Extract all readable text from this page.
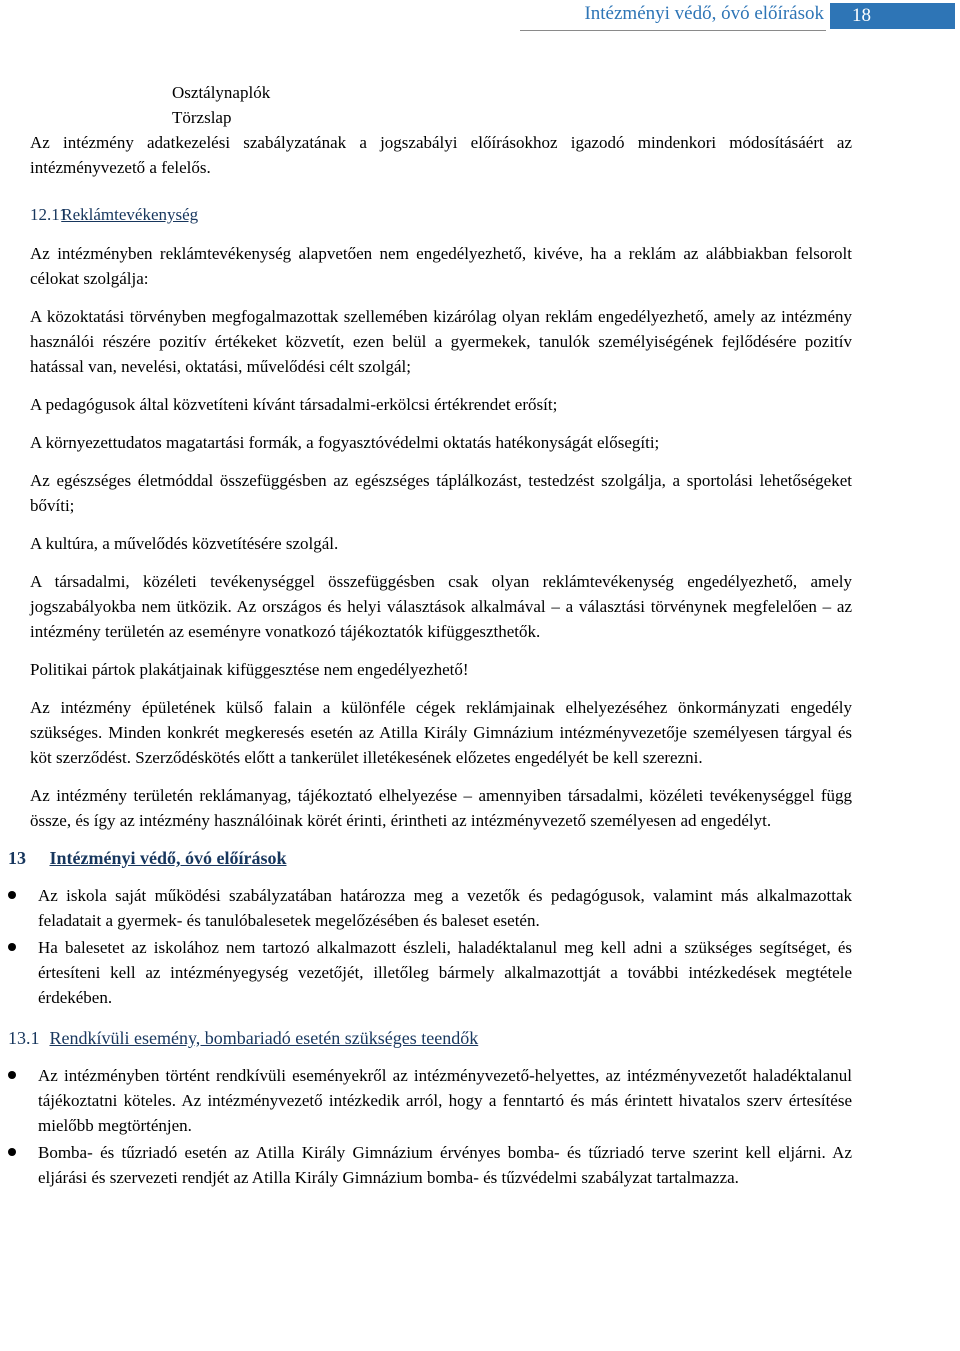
Intézményi védő, óvó előírások	18

Osztálynaplók

Törzslap

Az intézmény adatkezelési szabályzatának a jogszabályi előírásokhoz igazodó mindenkori módosításáért az intézményvezető a felelős.

12.11 Reklámtevékenység

Az intézményben reklámtevékenység alapvetően nem engedélyezhető, kivéve, ha a reklám az alábbiakban felsorolt célokat szolgálja:

A közoktatási törvényben megfogalmazottak szellemében kizárólag olyan reklám engedélyezhető, amely az intézmény használói részére pozitív értékeket közvetít, ezen belül a gyermekek, tanulók személyiségének fejlődésére pozitív hatással van, nevelési, oktatási, művelődési célt szolgál;

A pedagógusok által közvetíteni kívánt társadalmi-erkölcsi értékrendet erősít;

A környezettudatos magatartási formák, a fogyasztóvédelmi oktatás hatékonyságát elősegíti;

Az egészséges életmóddal összefüggésben az egészséges táplálkozást, testedzést szolgálja, a sportolási lehetőségeket bővíti;

A kultúra, a művelődés közvetítésére szolgál.

A társadalmi, közéleti tevékenységgel összefüggésben csak olyan reklámtevékenység engedélyezhető, amely jogszabályokba nem ütközik. Az országos és helyi választások alkalmával – a választási törvénynek megfelelően – az intézmény területén az eseményre vonatkozó tájékoztatók kifüggeszthetők.

Politikai pártok plakátjainak kifüggesztése nem engedélyezhető!

Az intézmény épületének külső falain a különféle cégek reklámjainak elhelyezéséhez önkormányzati engedély szükséges. Minden konkrét megkeresés esetén az Atilla Király Gimnázium intézményvezetője személyesen tárgyal és köt szerződést. Szerződéskötés előtt a tankerület illetékesének előzetes engedélyét be kell szerezni.

Az intézmény területén reklámanyag, tájékoztató elhelyezése – amennyiben társadalmi, közéleti tevékenységgel függ össze, és így az intézmény használóinak körét érinti, érintheti az intézményvezető személyesen ad engedélyt.

13 Intézményi védő, óvó előírások
Az iskola saját működési szabályzatában határozza meg a vezetők és pedagógusok, valamint más alkalmazottak feladatait a gyermek- és tanulóbalesetek megelőzésében és baleset esetén.
Ha balesetet az iskolához nem tartozó alkalmazott észleli, haladéktalanul meg kell adni a szükséges segítséget, és értesíteni kell az intézményegység vezetőjét, illetőleg bármely alkalmazottját a további intézkedések megtétele érdekében.
13.1 Rendkívüli esemény, bombariadó esetén szükséges teendők
Az intézményben történt rendkívüli eseményekről az intézményvezető-helyettes, az intézményvezetőt haladéktalanul tájékoztatni köteles. Az intézményvezető intézkedik arról, hogy a fenntartó és más érintett hivatalos szerv értesítése mielőbb megtörténjen.
Bomba- és tűzriadó esetén az Atilla Király Gimnázium érvényes bomba- és tűzriadó terve szerint kell eljárni. Az eljárási és szervezeti rendjét az Atilla Király Gimnázium bomba- és tűzvédelmi szabályzat tartalmazza.
